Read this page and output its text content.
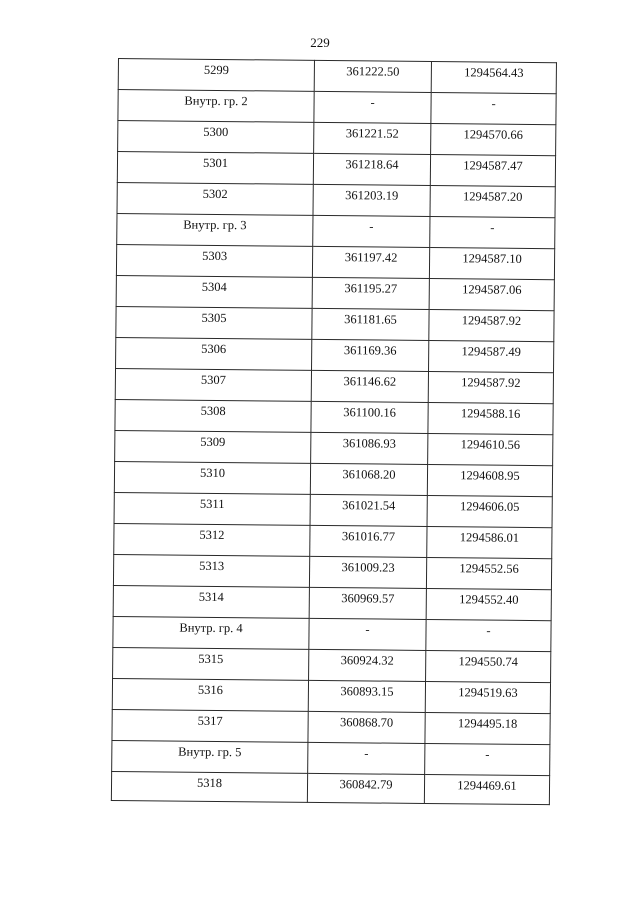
229
5299	361222.50	1294564.43
Внутр. гр. 2	-	-
5300	361221.52	1294570.66
5301	361218.64	1294587.47
5302	361203.19	1294587.20
Внутр. гр. 3	-	-
5303	361197.42	1294587.10
5304	361195.27	1294587.06
5305	361181.65	1294587.92
5306	361169.36	1294587.49
5307	361146.62	1294587.92
5308	361100.16	1294588.16
5309	361086.93	1294610.56
5310	361068.20	1294608.95
5311	361021.54	1294606.05
5312	361016.77	1294586.01
5313	361009.23	1294552.56
5314	360969.57	1294552.40
Внутр. гр. 4	-	-
5315	360924.32	1294550.74
5316	360893.15	1294519.63
5317	360868.70	1294495.18
Внутр. гр. 5	-	-
5318	360842.79	1294469.61
